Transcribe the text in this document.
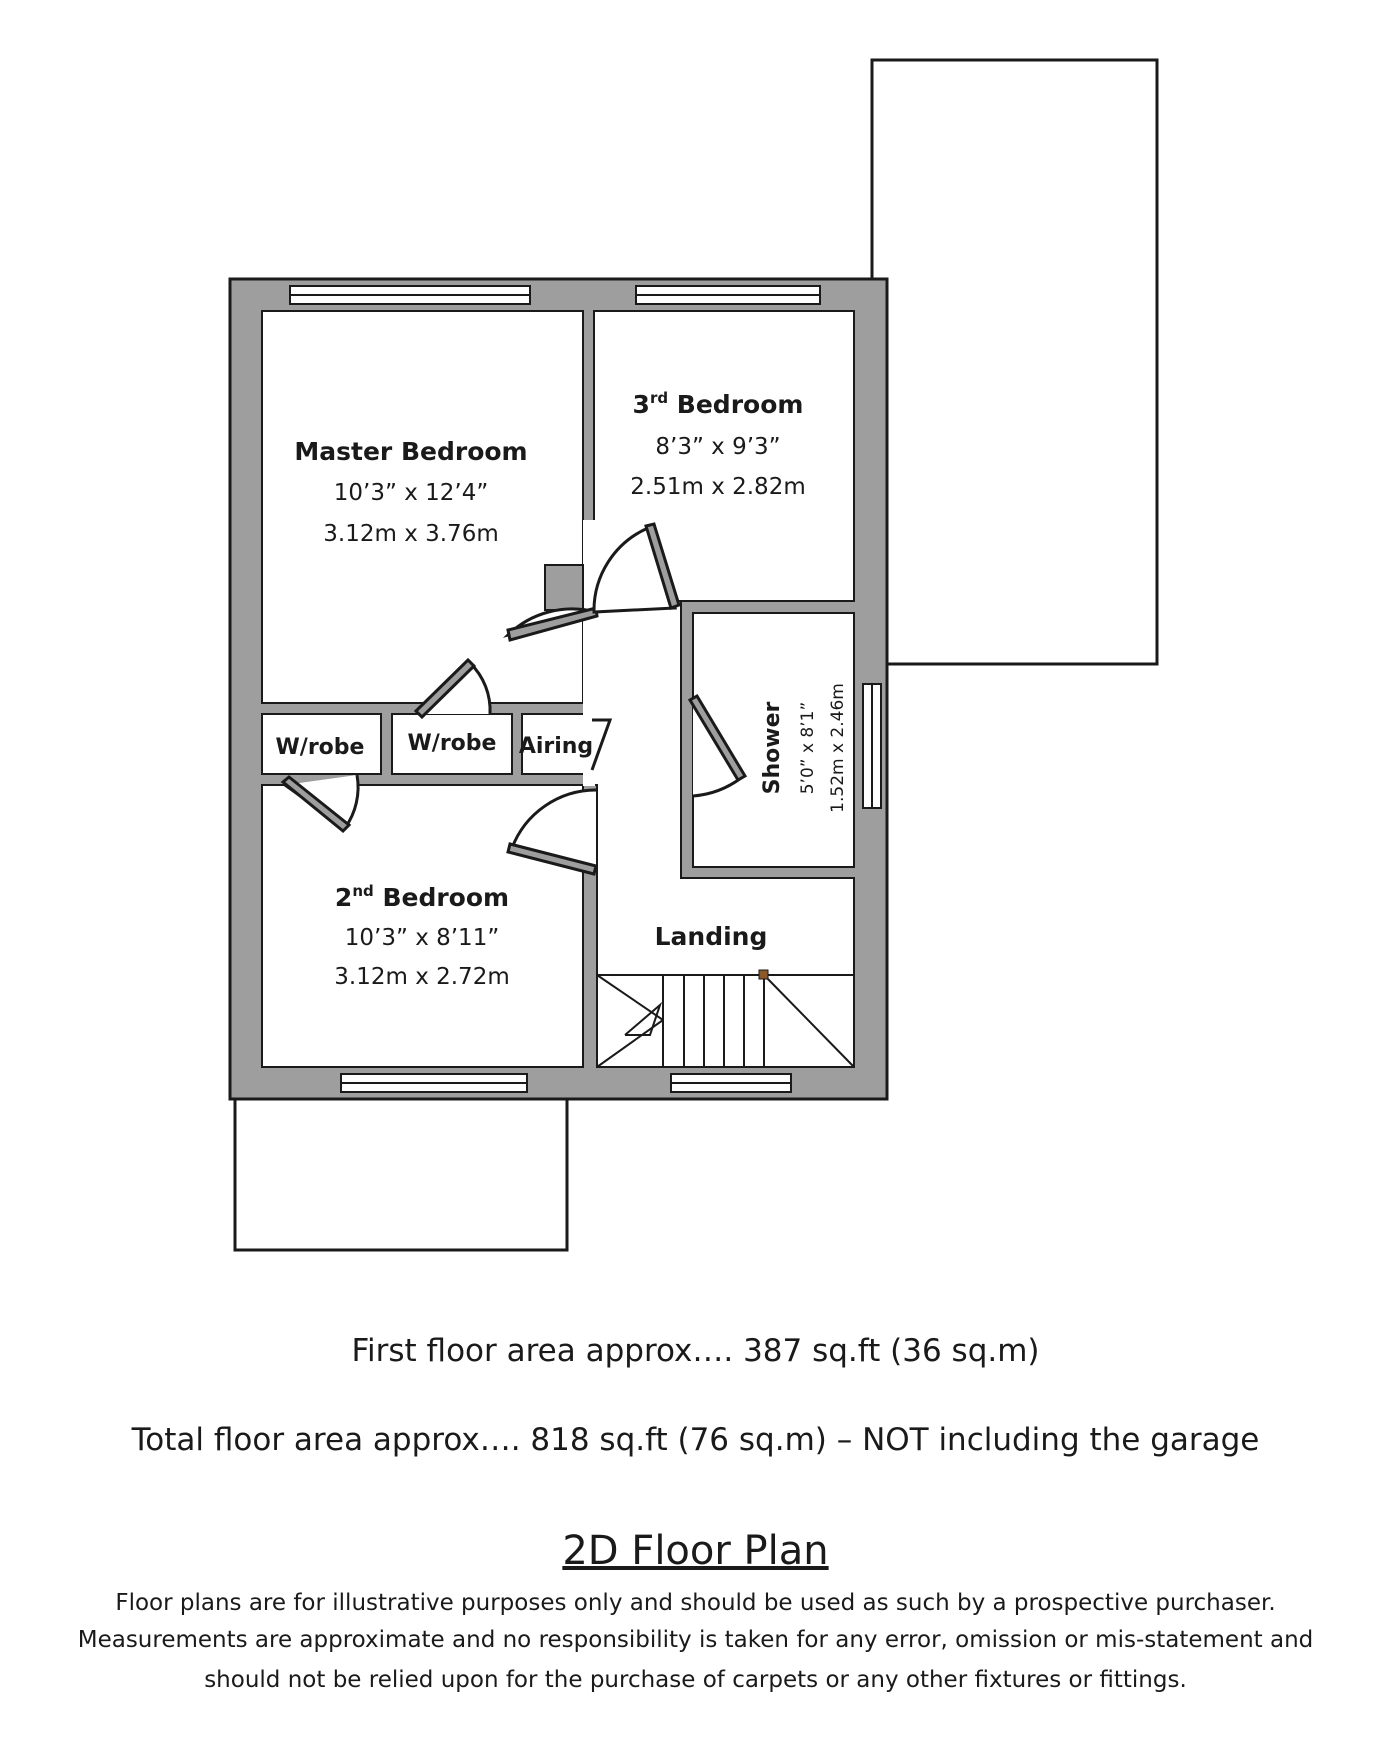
Master Bedroom
10’3” x 12’4”
3.12m x 3.76m
3rd Bedroom
8’3” x 9’3”
2.51m x 2.82m
W/robe W/robe Airing
2nd Bedroom
10’3” x 8’11”
3.12m x 2.72m
Landing
Shower 5’0” x 8’1” 1.52m x 2.46m
First floor area approx…. 387 sq.ft (36 sq.m)
Total floor area approx…. 818 sq.ft (76 sq.m) – NOT including the garage
2D Floor Plan
Floor plans are for illustrative purposes only and should be used as such by a prospective purchaser.
Measurements are approximate and no responsibility is taken for any error, omission or mis-statement and
should not be relied upon for the purchase of carpets or any other fixtures or fittings.
